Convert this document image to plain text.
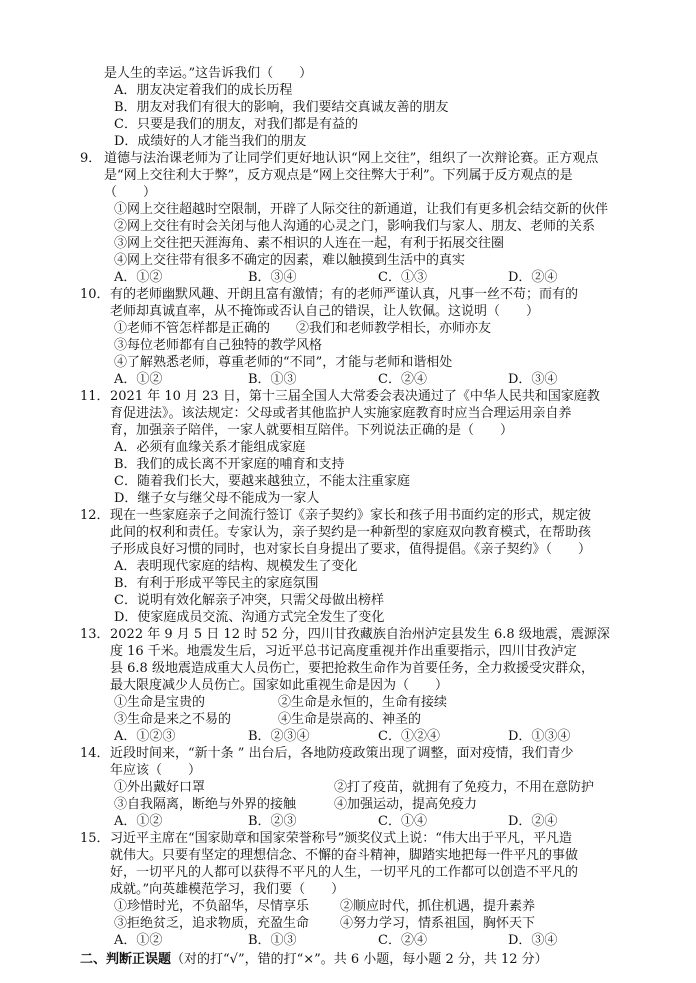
是人生的幸运。”这告诉我们（　　）
A．朋友决定着我们的成长历程
B．朋友对我们有很大的影响，我们要结交真诚友善的朋友
C．只要是我们的朋友，对我们都是有益的
D．成绩好的人才能当我们的朋友
9． 道德与法治课老师为了让同学们更好地认识“网上交往”，组织了一次辩论赛。正方观点
是“网上交往利大于弊”，反方观点是“网上交往弊大于利”。下列属于反方观点的是
（　　）
①网上交往超越时空限制，开辟了人际交往的新通道，让我们有更多机会结交新的伙伴
②网上交往有时会关闭与他人沟通的心灵之门，影响我们与家人、朋友、老师的关系
③网上交往把天涯海角、素不相识的人连在一起，有利于拓展交往圈
④网上交往带有很多不确定的因素，难以触摸到生活中的真实
A．①②	B．③④	C．①③	D．②④
10． 有的老师幽默风趣、开朗且富有激情；有的老师严谨认真，凡事一丝不苟；而有的
老师却真诚直率，从不掩饰或否认自己的错误，让人钦佩。这说明（　　）
①老师不管怎样都是正确的 ②我们和老师教学相长，亦师亦友
③每位老师都有自己独特的教学风格
④了解熟悉老师，尊重老师的“不同”，才能与老师和谐相处
A．①②	B．①③	C．②④	D．③④
11． 2021 年 10 月 23 日，第十三届全国人大常委会表决通过了《中华人民共和国家庭教
育促进法》。该法规定：父母或者其他监护人实施家庭教育时应当合理运用亲自养
育，加强亲子陪伴，一家人就要相互陪伴。下列说法正确的是（　　）
A．必须有血缘关系才能组成家庭
B．我们的成长离不开家庭的哺育和支持
C．随着我们长大，要越来越独立，不能太注重家庭
D．继子女与继父母不能成为一家人
12． 现在一些家庭亲子之间流行签订《亲子契约》家长和孩子用书面约定的形式，规定彼
此间的权利和责任。专家认为，亲子契约是一种新型的家庭双向教育模式，在帮助孩
子形成良好习惯的同时，也对家长自身提出了要求，值得提倡。《亲子契约》（　　）
A．表明现代家庭的结构、规模发生了变化
B．有利于形成平等民主的家庭氛围
C．说明有效化解亲子冲突，只需父母做出榜样
D．使家庭成员交流、沟通方式完全发生了变化
13． 2022 年 9 月 5 日 12 时 52 分，四川甘孜藏族自治州泸定县发生 6.8 级地震，震源深
度 16 千米。地震发生后，习近平总书记高度重视并作出重要指示，四川甘孜泸定
县 6.8 级地震造成重大人员伤亡，要把抢救生命作为首要任务，全力救援受灾群众，
最大限度减少人员伤亡。国家如此重视生命是因为（　　）
①生命是宝贵的	②生命是永恒的，生命有接续
③生命是来之不易的	④生命是崇高的、神圣的
A．①②③	B．②③④	C．①②④	D．①③④
14． 近段时间来，“新十条 ” 出台后，各地防疫政策出现了调整，面对疫情，我们青少
年应该（　　）
①外出戴好口罩	②打了疫苗，就拥有了免疫力，不用在意防护
③自我隔离，断绝与外界的接触	④加强运动，提高免疫力
A．①②	B．②③	C．①④	D．②④
15． 习近平主席在“国家勋章和国家荣誉称号”颁奖仪式上说：“伟大出于平凡，平凡造
就伟大。只要有坚定的理想信念、不懈的奋斗精神，脚踏实地把每一件平凡的事做
好，一切平凡的人都可以获得不平凡的人生，一切平凡的工作都可以创造不平凡的
成就。”向英雄模范学习，我们要（　　）
①珍惜时光，不负韶华，尽情享乐 ②顺应时代，抓住机遇，提升素养
③拒绝贫乏，追求物质，充盈生命 ④努力学习，情系祖国，胸怀天下
A．①②	B．①③	C．②④	D．③④
二、判断正误题（对的打“√”，错的打“×”。共 6 小题，每小题 2 分，共 12 分）
